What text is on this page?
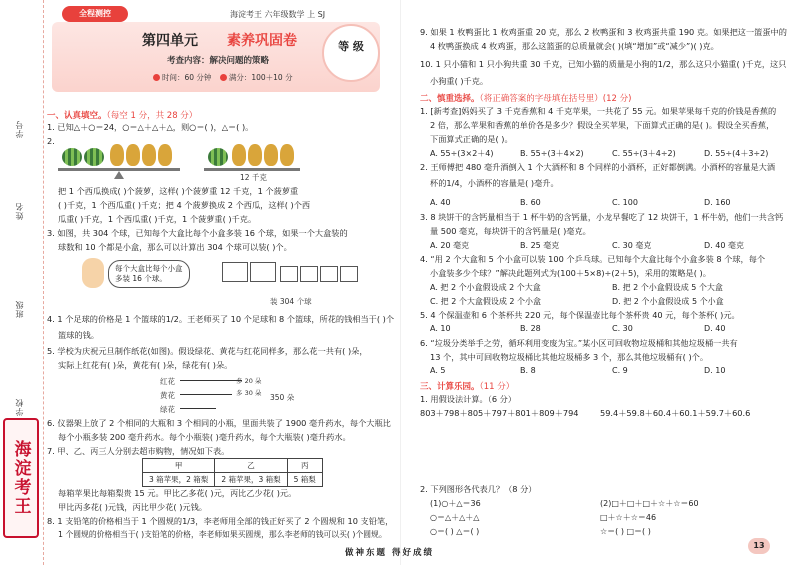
学号
姓名
班级
学校
海淀考王
全程测控	海淀考王 六年级数学 上 SJ
第四单元 素养巩固卷
考查内容：解决问题的策略
时间：60 分钟 满分：100＋10 分
等 级
一、认真填空。（每空 1 分，共 28 分）
1. 已知△＋○＝24，○＝△＋△＋△，则○＝( )，△＝( )。
2.
12 千克
把 1 个西瓜换成( )个菠萝，这样( )个菠萝重 12 千克，1 个菠萝重
( )千克，1 个西瓜重( )千克；把 4 个菠萝换成 2 个西瓜，这样( )个西
瓜重( )千克，1 个西瓜重( )千克，1 个菠萝重( )千克。
3. 如图，共 304 个球，已知每个大盒比每个小盒多装 16 个球，如果一个大盒装的
球数和 10 个都是小盒，那么可以计算出 304 个球可以装( )个。
每个大盒比每个小盒
多装 16 个球。
装 304 个球
4. 1 个足球的价格是 1 个篮球的1/2。王老师买了 10 个足球和 8 个篮球，所花的钱相当于( )个
篮球的钱。
5. 学校为庆祝元旦制作纸花(如图)。假设绿花、黄花与红花同样多，那么花一共有( )朵，
实际上红花有( )朵，黄花有( )朵，绿花有( )朵。
红花
黄花
绿花
多 20 朵
多 30 朵 350 朵
6. 仪器架上放了 2 个相同的大瓶和 3 个相同的小瓶，里面共装了 1900 毫升药水，每个大瓶比
每个小瓶多装 200 毫升药水。每个小瓶装( )毫升药水，每个大瓶装( )毫升药水。
7. 甲、乙、丙三人分别去超市购物，情况如下表。
甲	乙	丙
3 箱苹果，2 箱梨	2 箱苹果，3 箱梨	5 箱梨
每箱苹果比每箱梨贵 15 元。甲比乙多花( )元，丙比乙少花( )元。
甲比丙多花( )元钱，丙比甲少花( )元钱。
8. 1 支铅笔的价格相当于 1 个圆规的1/3，李老师用全部的钱正好买了 2 个圆规和 10 支铅笔，
1 个圆规的价格相当于( )支铅笔的价格，李老师如果买圆规，那么李老师的钱可以买( )个圆规。
9. 如果 1 枚鸭蛋比 1 枚鸡蛋重 20 克，那么 2 枚鸭蛋和 3 枚鸡蛋共重 190 克。如果把这一篮蛋中的
4 枚鸭蛋换成 4 枚鸡蛋，那么这篮蛋的总质量就会( )(填“增加”或“减少”)( )克。
10. 1 只小猫和 1 只小狗共重 30 千克，已知小猫的质量是小狗的1/2，那么这只小猫重( )千克，这只
小狗重( )千克。
二、慎重选择。（将正确答案的字母填在括号里）(12 分)
1. [新考查]妈妈买了 3 千克香蕉和 4 千克苹果，一共花了 55 元。如果苹果每千克的价钱是香蕉的
2 倍，那么苹果和香蕉的单价各是多少？假设全买苹果，下面算式正确的是( )。假设全买香蕉，
下面算式正确的是( )。
A. 55÷(3×2＋4)	B. 55÷(3＋4×2)	C. 55÷(3＋4÷2)	D. 55÷(4＋3÷2)
2. 王师傅把 480 毫升酒倒入 1 个大酒杯和 8 个同样的小酒杯，正好都倒满。小酒杯的容量是大酒
杯的1/4，小酒杯的容量是( )毫升。
A. 40	B. 60	C. 100	D. 160
3. 8 块饼干的含钙量相当于 1 杯牛奶的含钙量，小龙早餐吃了 12 块饼干，1 杯牛奶，他们一共含钙
量 500 毫克，每块饼干的含钙量是( )毫克。
A. 20 毫克	B. 25 毫克	C. 30 毫克	D. 40 毫克
4. “用 2 个大盒和 5 个小盒可以装 100 个乒乓球。已知每个大盒比每个小盒多装 8 个球，每个
小盒装多少个球？”解决此题列式为(100＋5×8)÷(2＋5)，采用的策略是( )。
A. 把 2 个小盒假设成 2 个大盒	B. 把 2 个小盒假设成 5 个大盒
C. 把 2 个大盒假设成 2 个小盒	D. 把 2 个小盒假设成 5 个小盒
5. 4 个保温壶和 6 个茶杯共 220 元，每个保温壶比每个茶杯贵 40 元，每个茶杯( )元。
A. 10	B. 28	C. 30	D. 40
6. “垃圾分类举手之劳，循环利用变废为宝。”某小区可回收物垃圾桶和其他垃圾桶一共有
13 个，其中可回收物垃圾桶比其他垃圾桶多 3 个，那么其他垃圾桶有( )个。
A. 5	B. 8	C. 9	D. 10
三、计算乐园。（11 分）
1. 用假设法计算。（6 分）
803＋798＋805＋797＋801＋809＋794	59.4＋59.8＋60.4＋60.1＋59.7＋60.6
2. 下列图形各代表几？（8 分）
(1)○＋△＝36
○＝△＋△＋△
○＝( ) △＝( )
(2)□＋□＋□＋☆＋☆＝60
□＋☆＋☆＝46
☆＝( ) □＝( )
做神东题 得好成绩
13
